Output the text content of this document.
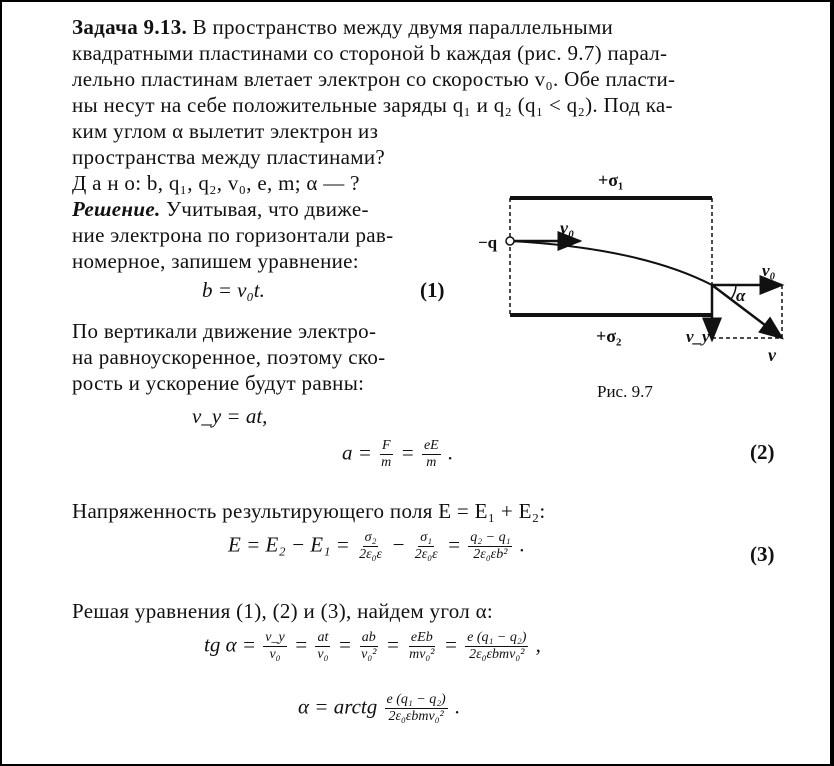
Задача 9.13. В пространство между двумя параллельными
квадратными пластинами со стороной b каждая (рис. 9.7) парал-
лельно пластинам влетает электрон со скоростью v₀. Обе пласти-
ны несут на себе положительные заряды q₁ и q₂ (q₁ < q₂). Под ка-
ким углом α вылетит электрон из
пространства между пластинами?
Д а н о: b, q₁, q₂, v₀, e, m; α — ?
Решение. Учитывая, что движе-
ние электрона по горизонтали рав-
номерное, запишем уравнение:
b = v₀t.	(1)
По вертикали движение электро-
на равноускоренное, поэтому ско-
рость и ускорение будут равны:
v_y = at,
$a = \frac{F}{m} = \frac{eE}{m}$ .	(2)
Напряженность результирующего поля E = E₁ + E₂:
$E = E_2 - E_1 = \frac{\text{σ₂}}{\text{2ε₀ε}} - \frac{\text{σ₁}}{\text{2ε₀ε}} = \frac{\text{q₂ − q₁}}{\text{2ε₀εb²}}$ .	(3)
Решая уравнения (1), (2) и (3), найдем угол α:
tg $\alpha = \frac{v\_y}{\text{v₀}} = \frac{at}{\text{v₀}} = \frac{ab}{\text{v₀²}} = \frac{\text{eEb}}{\text{mv₀²}} = \frac{\text{e (q₁ − q₂)}}{\text{2ε₀εbmv₀²}}$ ,
α = arctg $\frac{\text{e (q₁ − q₂)}}{\text{2ε₀εbmv₀²}}$ .
+σ₁
+σ₂
−q
v₀
v₀
v_y
v
α
Рис. 9.7
